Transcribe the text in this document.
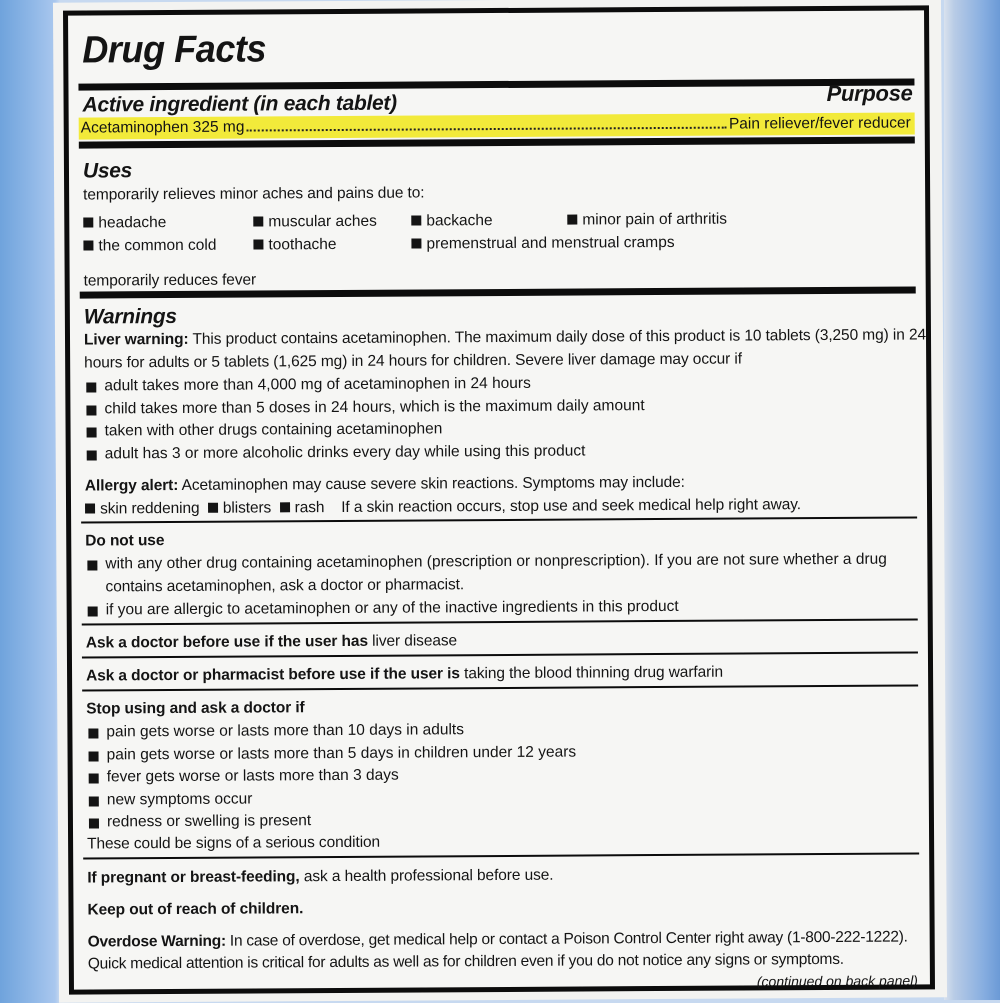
Drug Facts
Active ingredient (in each tablet)	Purpose
Acetaminophen 325 mg	Pain reliever/fever reducer
Uses
temporarily relieves minor aches and pains due to:
headache	muscular aches	backache	minor pain of arthritis
the common cold	toothache	premenstrual and menstrual cramps
temporarily reduces fever
Warnings
Liver warning: This product contains acetaminophen. The maximum daily dose of this product is 10 tablets (3,250 mg) in 24
hours for adults or 5 tablets (1,625 mg) in 24 hours for children. Severe liver damage may occur if
adult takes more than 4,000 mg of acetaminophen in 24 hours
child takes more than 5 doses in 24 hours, which is the maximum daily amount
taken with other drugs containing acetaminophen
adult has 3 or more alcoholic drinks every day while using this product
Allergy alert: Acetaminophen may cause severe skin reactions. Symptoms may include:
skin reddening blisters rash If a skin reaction occurs, stop use and seek medical help right away.
Do not use
with any other drug containing acetaminophen (prescription or nonprescription). If you are not sure whether a drug
contains acetaminophen, ask a doctor or pharmacist.
if you are allergic to acetaminophen or any of the inactive ingredients in this product
Ask a doctor before use if the user has liver disease
Ask a doctor or pharmacist before use if the user is taking the blood thinning drug warfarin
Stop using and ask a doctor if
pain gets worse or lasts more than 10 days in adults
pain gets worse or lasts more than 5 days in children under 12 years
fever gets worse or lasts more than 3 days
new symptoms occur
redness or swelling is present
These could be signs of a serious condition
If pregnant or breast-feeding, ask a health professional before use.
Keep out of reach of children.
Overdose Warning: In case of overdose, get medical help or contact a Poison Control Center right away (1-800-222-1222).
Quick medical attention is critical for adults as well as for children even if you do not notice any signs or symptoms.
(continued on back panel)
